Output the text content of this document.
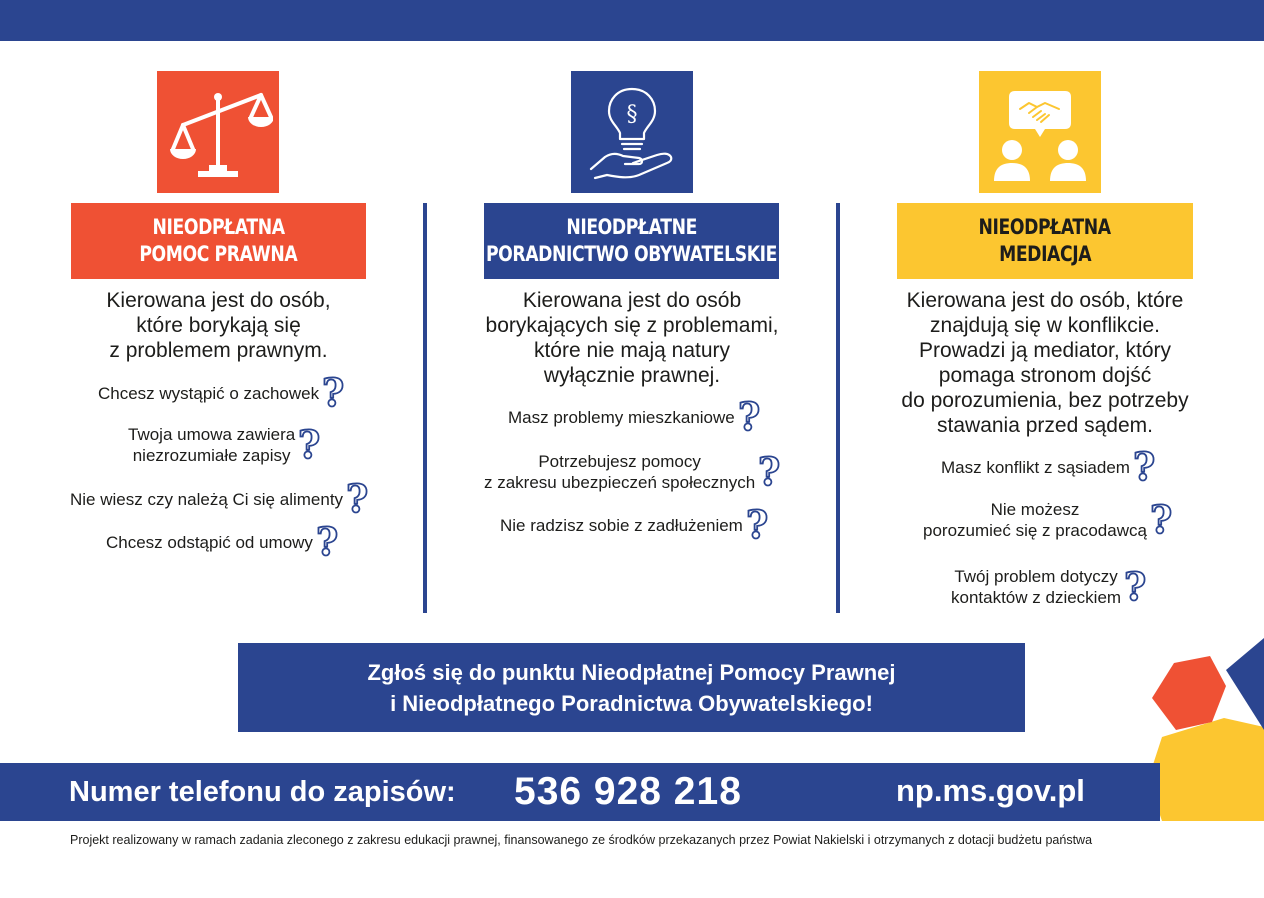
NIEODPŁATNA
POMOC PRAWNA
§
NIEODPŁATNE
PORADNICTWO OBYWATELSKIE
NIEODPŁATNA
MEDIACJA
Kierowana jest do osób,
które borykają się
z problemem prawnym.
Chcesz wystąpić o zachowek ?
Twoja umowa zawiera
niezrozumiałe zapisy ?
Nie wiesz czy należą Ci się alimenty ?
Chcesz odstąpić od umowy ?
Kierowana jest do osób
borykających się z problemami,
które nie mają natury
wyłącznie prawnej.
Masz problemy mieszkaniowe ?
Potrzebujesz pomocy
z zakresu ubezpieczeń społecznych ?
Nie radzisz sobie z zadłużeniem ?
Kierowana jest do osób, które
znajdują się w konflikcie.
Prowadzi ją mediator, który
pomaga stronom dojść
do porozumienia, bez potrzeby
stawania przed sądem.
Masz konflikt z sąsiadem ?
Nie możesz
porozumieć się z pracodawcą ?
Twój problem dotyczy
kontaktów z dzieckiem ?
Zgłoś się do punktu Nieodpłatnej Pomocy Prawnej
i Nieodpłatnego Poradnictwa Obywatelskiego!
Numer telefonu do zapisów: 536 928 218	np.ms.gov.pl
Projekt realizowany w ramach zadania zleconego z zakresu edukacji prawnej, finansowanego ze środków przekazanych przez Powiat Nakielski i otrzymanych z dotacji budżetu państwa
